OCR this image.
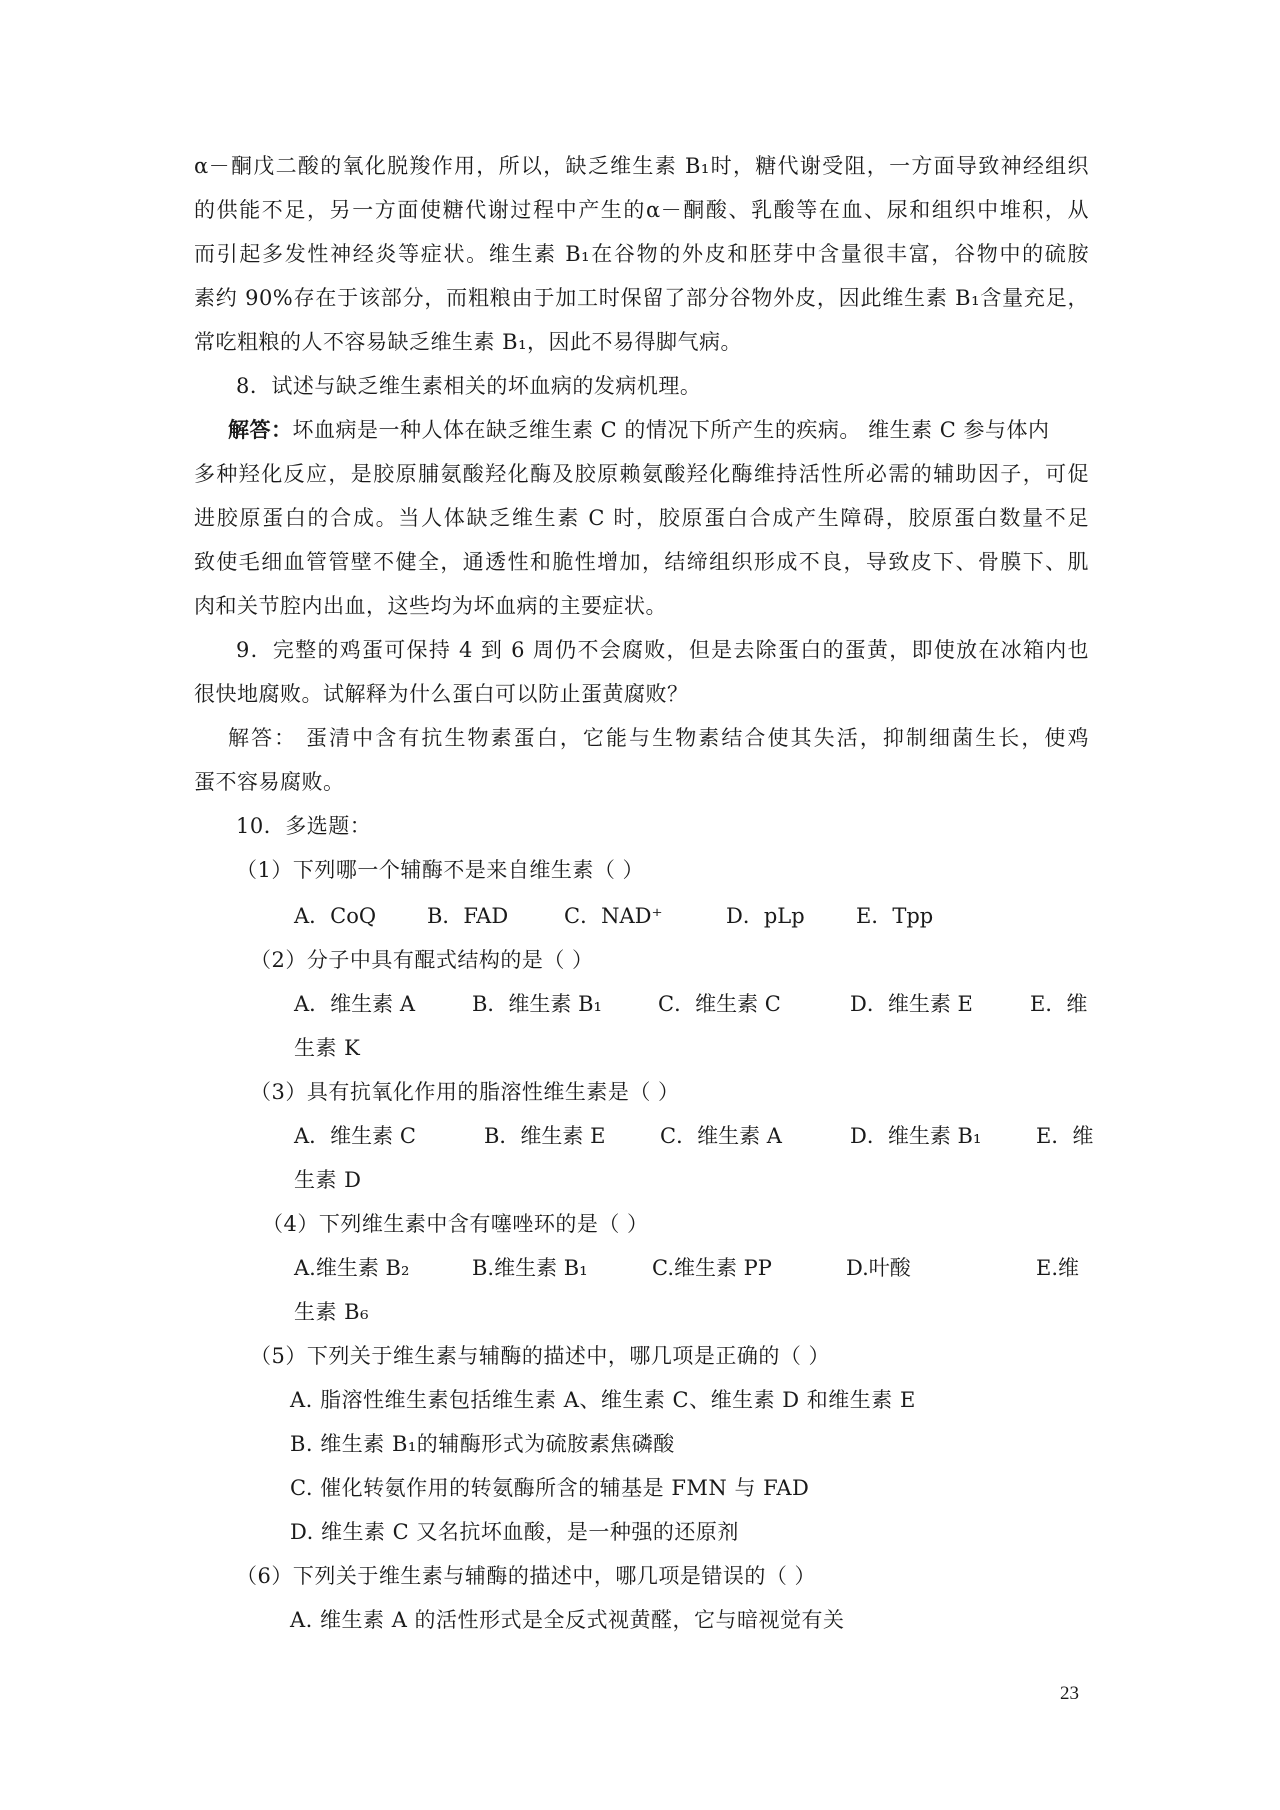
α－酮戊二酸的氧化脱羧作用，所以，缺乏维生素 B₁时，糖代谢受阻，一方面导致神经组织
的供能不足，另一方面使糖代谢过程中产生的α－酮酸、乳酸等在血、尿和组织中堆积，从
而引起多发性神经炎等症状。维生素 B₁在谷物的外皮和胚芽中含量很丰富，谷物中的硫胺
素约 90%存在于该部分，而粗粮由于加工时保留了部分谷物外皮，因此维生素 B₁含量充足，
常吃粗粮的人不容易缺乏维生素 B₁，因此不易得脚气病。
8．试述与缺乏维生素相关的坏血病的发病机理。
解答：坏血病是一种人体在缺乏维生素 C 的情况下所产生的疾病。 维生素 C 参与体内
多种羟化反应，是胶原脯氨酸羟化酶及胶原赖氨酸羟化酶维持活性所必需的辅助因子，可促
进胶原蛋白的合成。当人体缺乏维生素 C 时，胶原蛋白合成产生障碍，胶原蛋白数量不足
致使毛细血管管壁不健全，通透性和脆性增加，结缔组织形成不良，导致皮下、骨膜下、肌
肉和关节腔内出血，这些均为坏血病的主要症状。
9．完整的鸡蛋可保持 4 到 6 周仍不会腐败，但是去除蛋白的蛋黄，即使放在冰箱内也
很快地腐败。试解释为什么蛋白可以防止蛋黄腐败？
解答： 蛋清中含有抗生物素蛋白，它能与生物素结合使其失活，抑制细菌生长，使鸡
蛋不容易腐败。
10．多选题：
（1）下列哪一个辅酶不是来自维生素（ ）
A．CoQ B．FAD	C．NAD⁺	D．pLp E．Tpp
（2）分子中具有醌式结构的是（ ）
A．维生素 A	B．维生素 B₁	C．维生素 C	D．维生素 E	E．维
生素 K
（3）具有抗氧化作用的脂溶性维生素是（ ）
A．维生素 C	B．维生素 E	C．维生素 A	D．维生素 B₁	E．维
生素 D
（4）下列维生素中含有噻唑环的是（ ）
A.维生素 B₂	B.维生素 B₁	C.维生素 PP	D.叶酸	E.维
生素 B₆
（5）下列关于维生素与辅酶的描述中，哪几项是正确的（ ）
A. 脂溶性维生素包括维生素 A、维生素 C、维生素 D 和维生素 E
B. 维生素 B₁的辅酶形式为硫胺素焦磷酸
C. 催化转氨作用的转氨酶所含的辅基是 FMN 与 FAD
D. 维生素 C 又名抗坏血酸，是一种强的还原剂
（6）下列关于维生素与辅酶的描述中，哪几项是错误的（ ）
A. 维生素 A 的活性形式是全反式视黄醛，它与暗视觉有关
23
